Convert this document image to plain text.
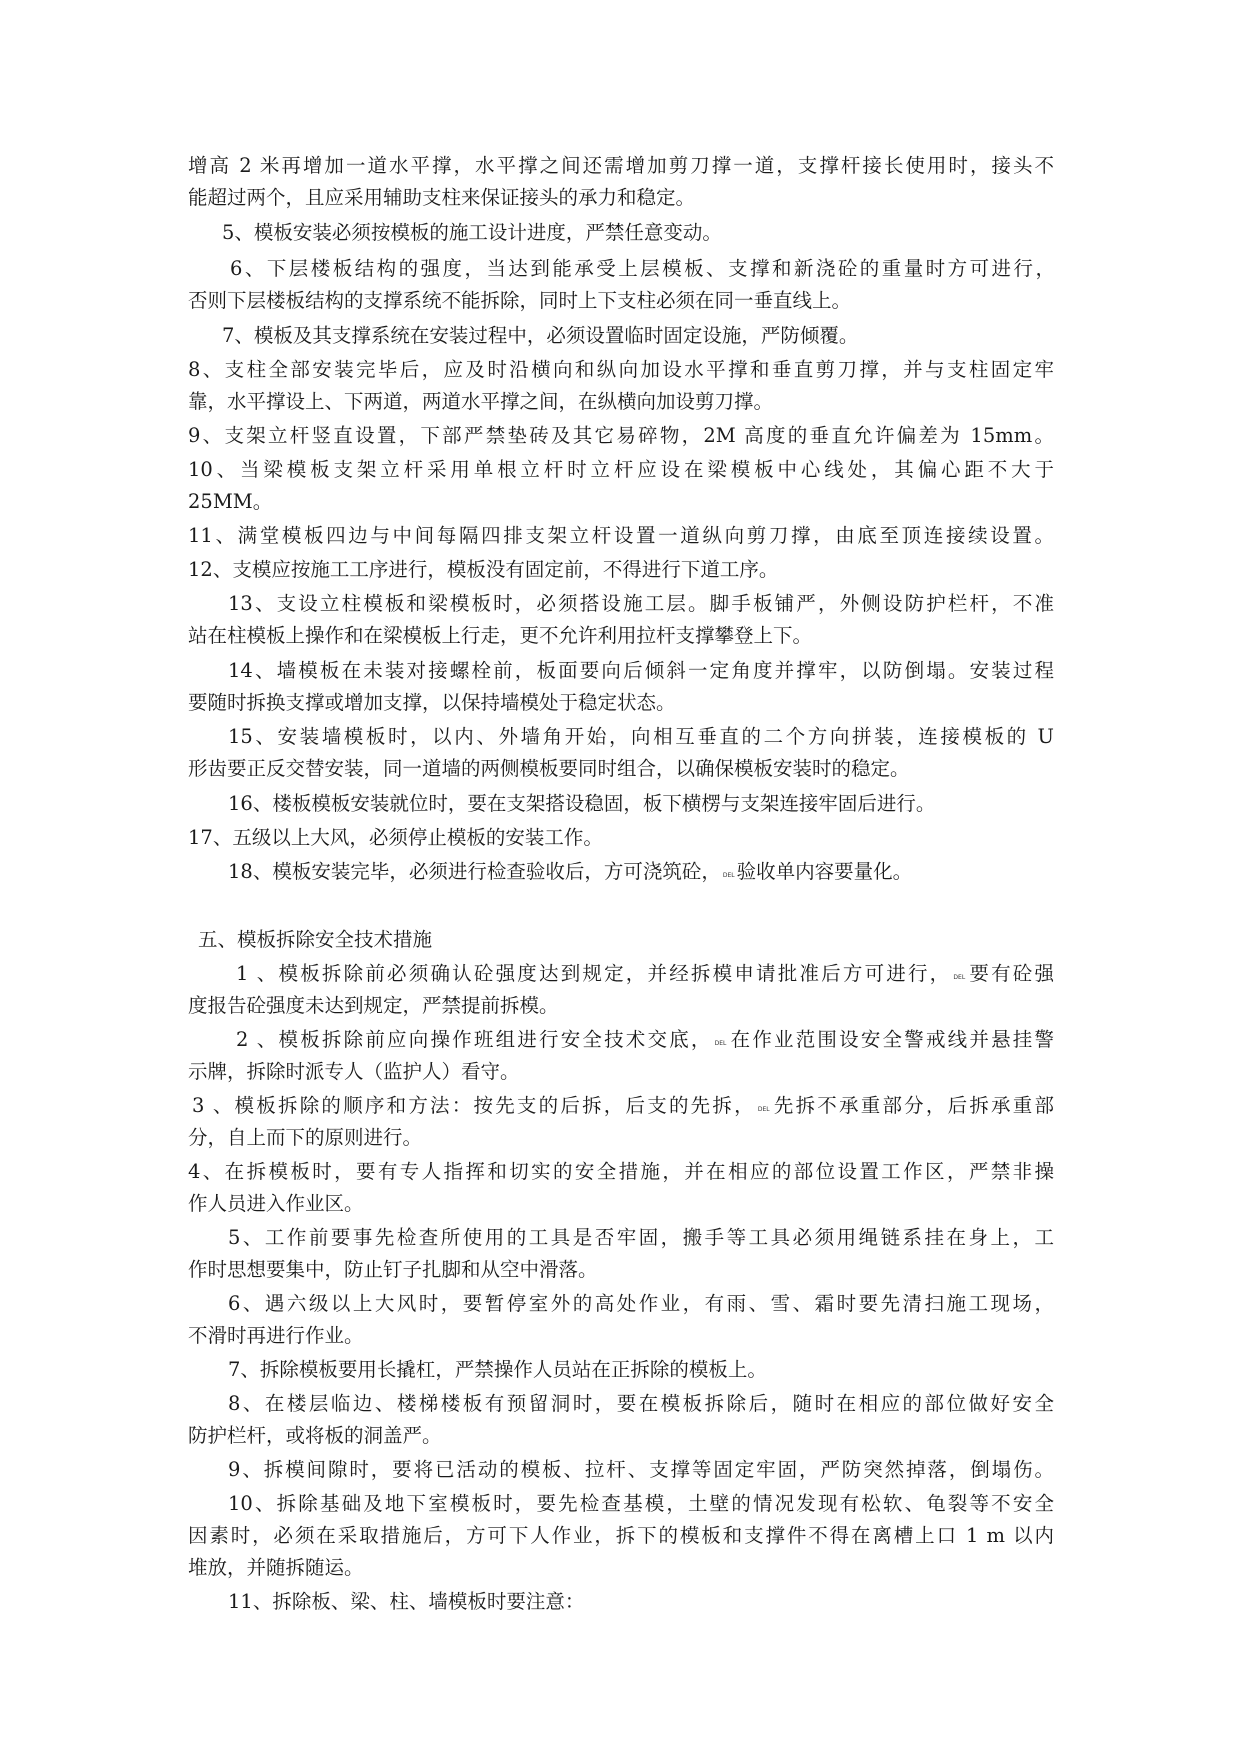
增高 2 米再增加一道水平撑，水平撑之间还需增加剪刀撑一道，支撑杆接长使用时，接头不
能超过两个，且应采用辅助支柱来保证接头的承力和稳定。
5、模板安装必须按模板的施工设计进度，严禁任意变动。
6、下层楼板结构的强度，当达到能承受上层模板、支撑和新浇砼的重量时方可进行，
否则下层楼板结构的支撑系统不能拆除，同时上下支柱必须在同一垂直线上。
7、模板及其支撑系统在安装过程中，必须设置临时固定设施，严防倾覆。
8、支柱全部安装完毕后，应及时沿横向和纵向加设水平撑和垂直剪刀撑，并与支柱固定牢
靠，水平撑设上、下两道，两道水平撑之间，在纵横向加设剪刀撑。
9、支架立杆竖直设置，下部严禁垫砖及其它易碎物，2M 高度的垂直允许偏差为 15mm。
10、当梁模板支架立杆采用单根立杆时立杆应设在梁模板中心线处，其偏心距不大于
25MM。
11、满堂模板四边与中间每隔四排支架立杆设置一道纵向剪刀撑，由底至顶连接续设置。
12、支模应按施工工序进行，模板没有固定前，不得进行下道工序。
13、支设立柱模板和梁模板时，必须搭设施工层。脚手板铺严，外侧设防护栏杆，不准
站在柱模板上操作和在梁模板上行走，更不允许利用拉杆支撑攀登上下。
14、墙模板在未装对接螺栓前，板面要向后倾斜一定角度并撑牢，以防倒塌。安装过程
要随时拆换支撑或增加支撑，以保持墙模处于稳定状态。
15、安装墙模板时，以内、外墙角开始，向相互垂直的二个方向拼装，连接模板的 U
形齿要正反交替安装，同一道墙的两侧模板要同时组合，以确保模板安装时的稳定。
16、楼板模板安装就位时，要在支架搭设稳固，板下横楞与支架连接牢固后进行。
17、五级以上大风，必须停止模板的安装工作。
18、模板安装完毕，必须进行检查验收后，方可浇筑砼， DEL 验收单内容要量化。
五、模板拆除安全技术措施
1 、模板拆除前必须确认砼强度达到规定，并经拆模申请批准后方可进行， DEL 要有砼强
度报告砼强度未达到规定，严禁提前拆模。
2 、模板拆除前应向操作班组进行安全技术交底， DEL 在作业范围设安全警戒线并悬挂警
示牌，拆除时派专人（监护人）看守。
3 、模板拆除的顺序和方法：按先支的后拆，后支的先拆， DEL 先拆不承重部分，后拆承重部
分，自上而下的原则进行。
4、在拆模板时，要有专人指挥和切实的安全措施，并在相应的部位设置工作区，严禁非操
作人员进入作业区。
5、工作前要事先检查所使用的工具是否牢固，搬手等工具必须用绳链系挂在身上，工
作时思想要集中，防止钉子扎脚和从空中滑落。
6、遇六级以上大风时，要暂停室外的高处作业，有雨、雪、霜时要先清扫施工现场，
不滑时再进行作业。
7、拆除模板要用长撬杠，严禁操作人员站在正拆除的模板上。
8、在楼层临边、楼梯楼板有预留洞时，要在模板拆除后，随时在相应的部位做好安全
防护栏杆，或将板的洞盖严。
9、拆模间隙时，要将已活动的模板、拉杆、支撑等固定牢固，严防突然掉落，倒塌伤。
10、拆除基础及地下室模板时，要先检查基模，土壁的情况发现有松软、龟裂等不安全
因素时，必须在采取措施后，方可下人作业，拆下的模板和支撑件不得在离槽上口 1 m 以内
堆放，并随拆随运。
11、拆除板、梁、柱、墙模板时要注意：
